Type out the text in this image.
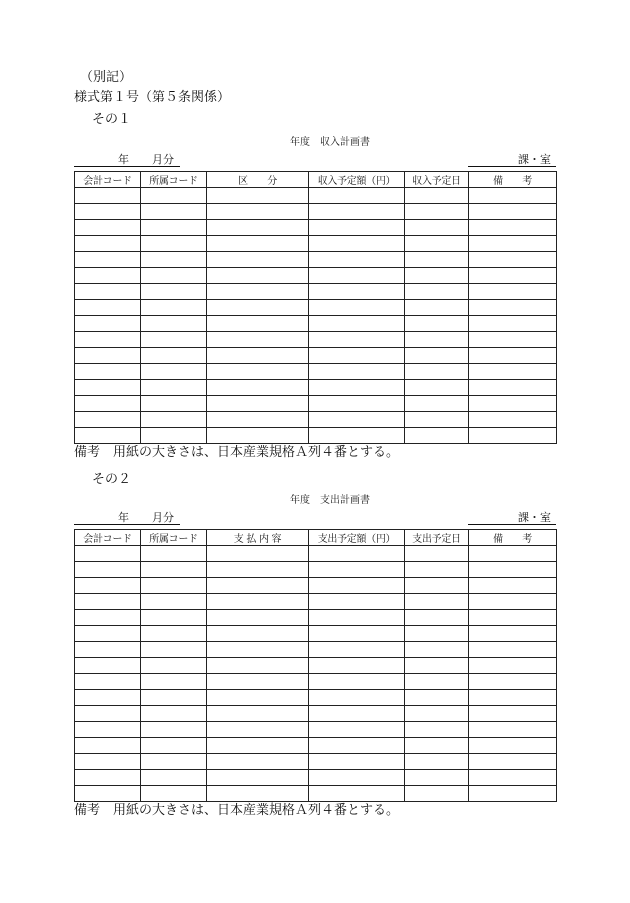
（別記）
様式第１号（第５条関係）
その１
年度　収入計画書
年 月分	課・室
会計コード	所属コード	区　　分	収入予定額（円）	収入予定日	備　　考

備考　用紙の大きさは、日本産業規格Ａ列４番とする。
その２
年度　支出計画書
年 月分	課・室
会計コード	所属コード	支 払 内 容	支出予定額（円）	支出予定日	備　　考

備考　用紙の大きさは、日本産業規格Ａ列４番とする。
